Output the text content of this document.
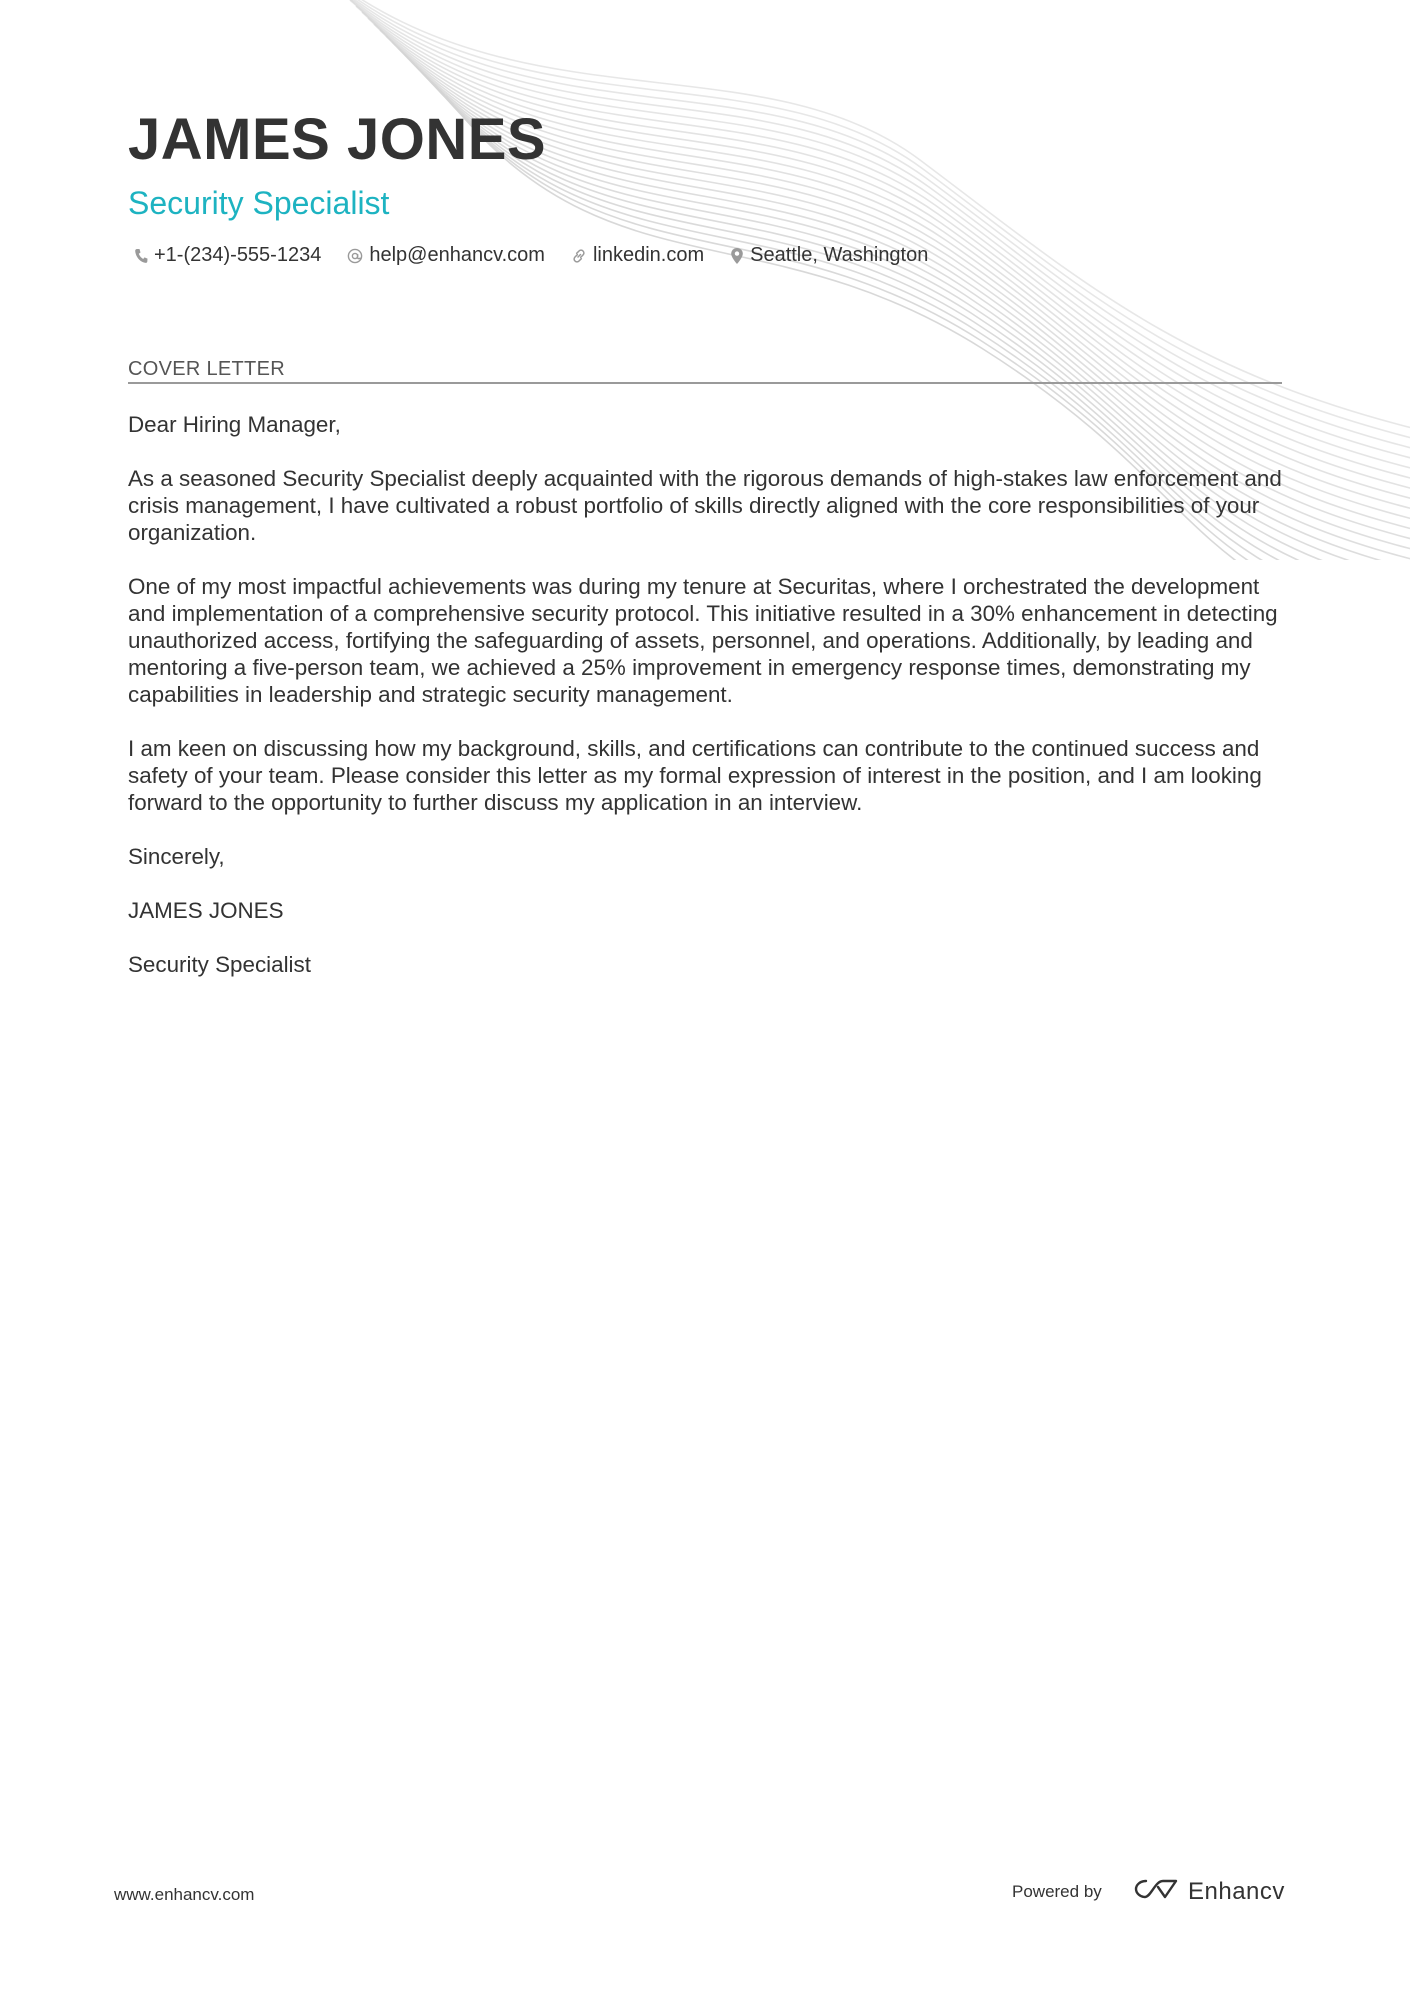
JAMES JONES
Security Specialist
+1-(234)-555-1234 help@enhancv.com linkedin.com Seattle, Washington
COVER LETTER

Dear Hiring Manager,

As a seasoned Security Specialist deeply acquainted with the rigorous demands of high-stakes law enforcement and crisis management, I have cultivated a robust portfolio of skills directly aligned with the core responsibilities of your organization.

One of my most impactful achievements was during my tenure at Securitas, where I orchestrated the development and implementation of a comprehensive security protocol. This initiative resulted in a 30% enhancement in detecting unauthorized access, fortifying the safeguarding of assets, personnel, and operations. Additionally, by leading and mentoring a five-person team, we achieved a 25% improvement in emergency response times, demonstrating my capabilities in leadership and strategic security management.

I am keen on discussing how my background, skills, and certifications can contribute to the continued success and safety of your team. Please consider this letter as my formal expression of interest in the position, and I am looking forward to the opportunity to further discuss my application in an interview.

Sincerely,

JAMES JONES

Security Specialist

www.enhancv.com	Powered by	Enhancv
